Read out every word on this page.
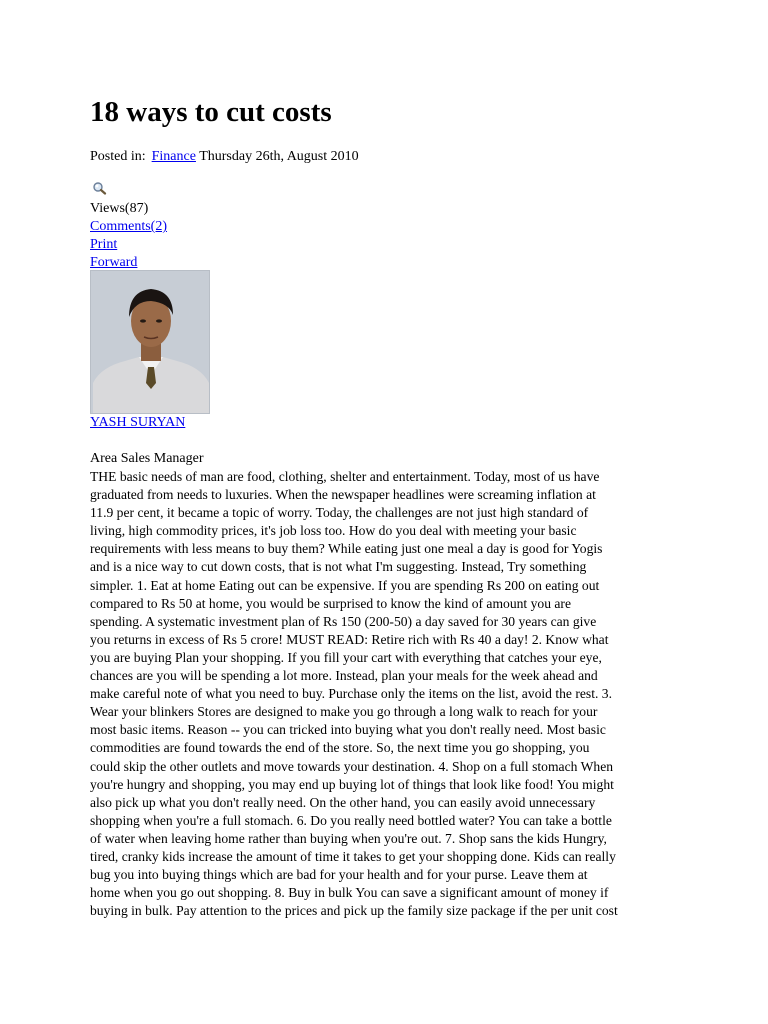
18 ways to cut costs
Posted in: Finance Thursday 26th, August 2010
Views(87)
Comments(2)
Print
Forward
YASH SURYAN
Area Sales Manager

THE basic needs of man are food, clothing, shelter and entertainment. Today, most of us have
graduated from needs to luxuries. When the newspaper headlines were screaming inflation at
11.9 per cent, it became a topic of worry. Today, the challenges are not just high standard of
living, high commodity prices, it's job loss too. How do you deal with meeting your basic
requirements with less means to buy them? While eating just one meal a day is good for Yogis
and is a nice way to cut down costs, that is not what I'm suggesting. Instead, Try something
simpler. 1. Eat at home Eating out can be expensive. If you are spending Rs 200 on eating out
compared to Rs 50 at home, you would be surprised to know the kind of amount you are
spending. A systematic investment plan of Rs 150 (200-50) a day saved for 30 years can give
you returns in excess of Rs 5 crore! MUST READ: Retire rich with Rs 40 a day! 2. Know what
you are buying Plan your shopping. If you fill your cart with everything that catches your eye,
chances are you will be spending a lot more. Instead, plan your meals for the week ahead and
make careful note of what you need to buy. Purchase only the items on the list, avoid the rest. 3.
Wear your blinkers Stores are designed to make you go through a long walk to reach for your
most basic items. Reason -- you can tricked into buying what you don't really need. Most basic
commodities are found towards the end of the store. So, the next time you go shopping, you
could skip the other outlets and move towards your destination. 4. Shop on a full stomach When
you're hungry and shopping, you may end up buying lot of things that look like food! You might
also pick up what you don't really need. On the other hand, you can easily avoid unnecessary
shopping when you're a full stomach. 6. Do you really need bottled water? You can take a bottle
of water when leaving home rather than buying when you're out. 7. Shop sans the kids Hungry,
tired, cranky kids increase the amount of time it takes to get your shopping done. Kids can really
bug you into buying things which are bad for your health and for your purse. Leave them at
home when you go out shopping. 8. Buy in bulk You can save a significant amount of money if
buying in bulk. Pay attention to the prices and pick up the family size package if the per unit cost
